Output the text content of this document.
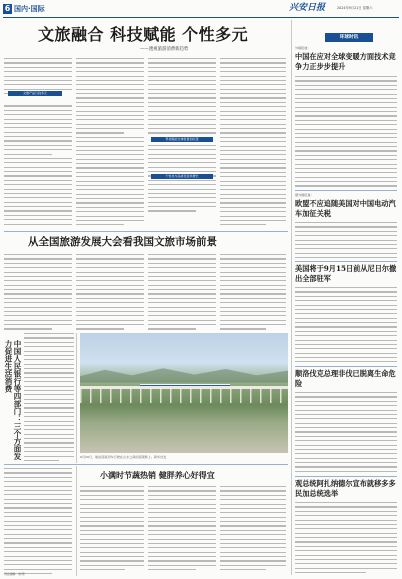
6 国内·国际	兴安日报	2024年9月21日 星期六
文旅融合 科技赋能 个性多元
——透视旅游消费新趋势
文旅产品日趋多元
科技赋能让体验更加沉浸
个性化与品质化需求增长
从全国旅游发展大会看我国文旅市场前景
中国人民银行等四部门：三个方面发力促进生活消费
9月20日，航拍高铁列车行驶在山水之间的高架桥上。新华社发
小满时节蔬热销 健胖养心好得宜
环球时讯
外媒报道：
中国在应对全球变暖方面技术竞争力正步步提升
据外媒报道：
欧盟不应追随美国对中国电动汽车加征关税
美国将于9月15日前从尼日尔撤出全部驻军
顺洛伐克总理非伐已脱离生命危险
观总统阿扎纳德尔宣布就移多多民加总统选举
责任编辑：刘 明
